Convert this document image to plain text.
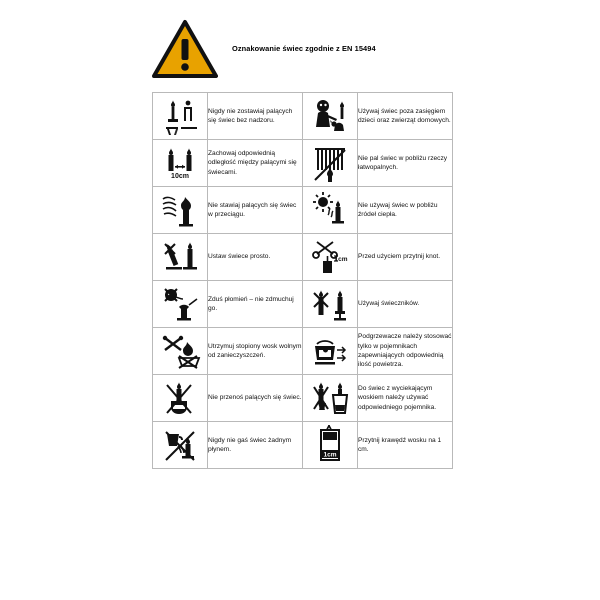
Oznakowanie świec zgodnie z EN 15494
	Nigdy nie zostawiaj palących się świec bez nadzoru.		Używaj świec poza zasięgiem dzieci oraz zwierząt domowych.

10cm	Zachowaj odpowiednią odległość między palącymi się świecami.		Nie pal świec w pobliżu rzeczy łatwopalnych.

	Nie stawiaj palących się świec w przeciągu.		Nie używaj świec w pobliżu źródeł ciepła.

	Ustaw świece prosto.	1cm	Przed użyciem przytnij knot.

	Zduś płomień – nie zdmuchuj go.		Używaj świeczników.

	Utrzymuj stopiony wosk wolnym od zanieczyszczeń.		Podgrzewacze należy stosować tylko w pojemnikach zapewniających odpowiednią ilość powietrza.

	Nie przenoś palących się świec.		Do świec z wyciekającym woskiem należy używać odpowiedniego pojemnika.

	Nigdy nie gaś świec żadnym płynem.	1cm	Przytnij krawędź wosku na 1 cm.
